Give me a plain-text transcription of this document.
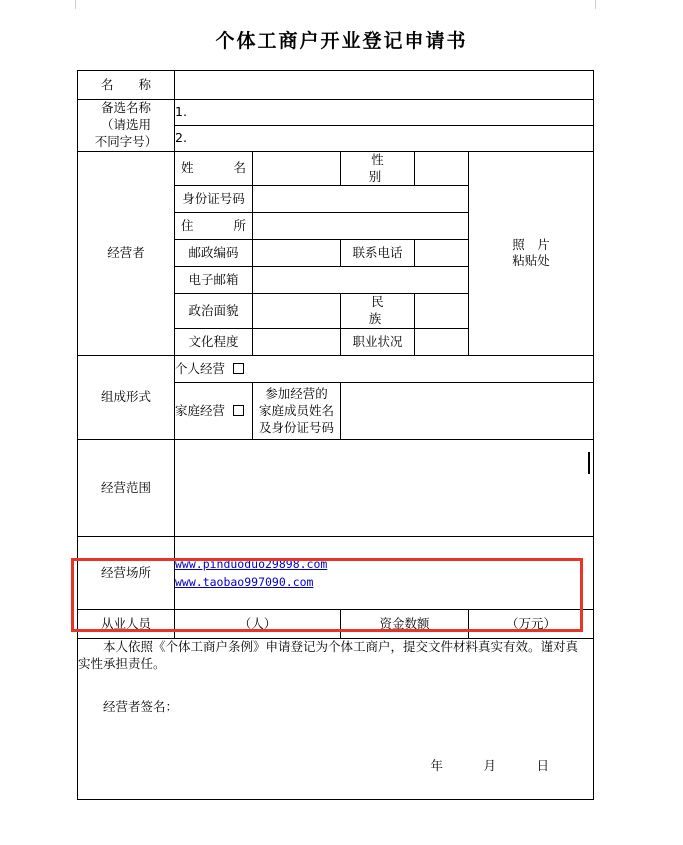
个体工商户开业登记申请书
名　　称					

备选名称
（请选用
不同字号）	1.				
	2.				
经营者	姓　　名		性　　别		照　片
粘贴处

	身份证号码				
	住　　所				
	邮政编码		联系电话		
	电子邮箱				
	政治面貌		民　　族		
	文化程度		职业状况		
组成形式	个人经营				
	家庭经营	参加经营的
家庭成员姓名
及身份证号码			

经营范围					
经营场所	www.pinduoduo29898.com
www.taobao997090.com				

从业人员	（人）		资金数额		（万元）

本人依照《个体工商户条例》申请登记为个体工商户，提交文件材料真实有效。谨对真
实性承担责任。
经营者签名：
年　月　日					
